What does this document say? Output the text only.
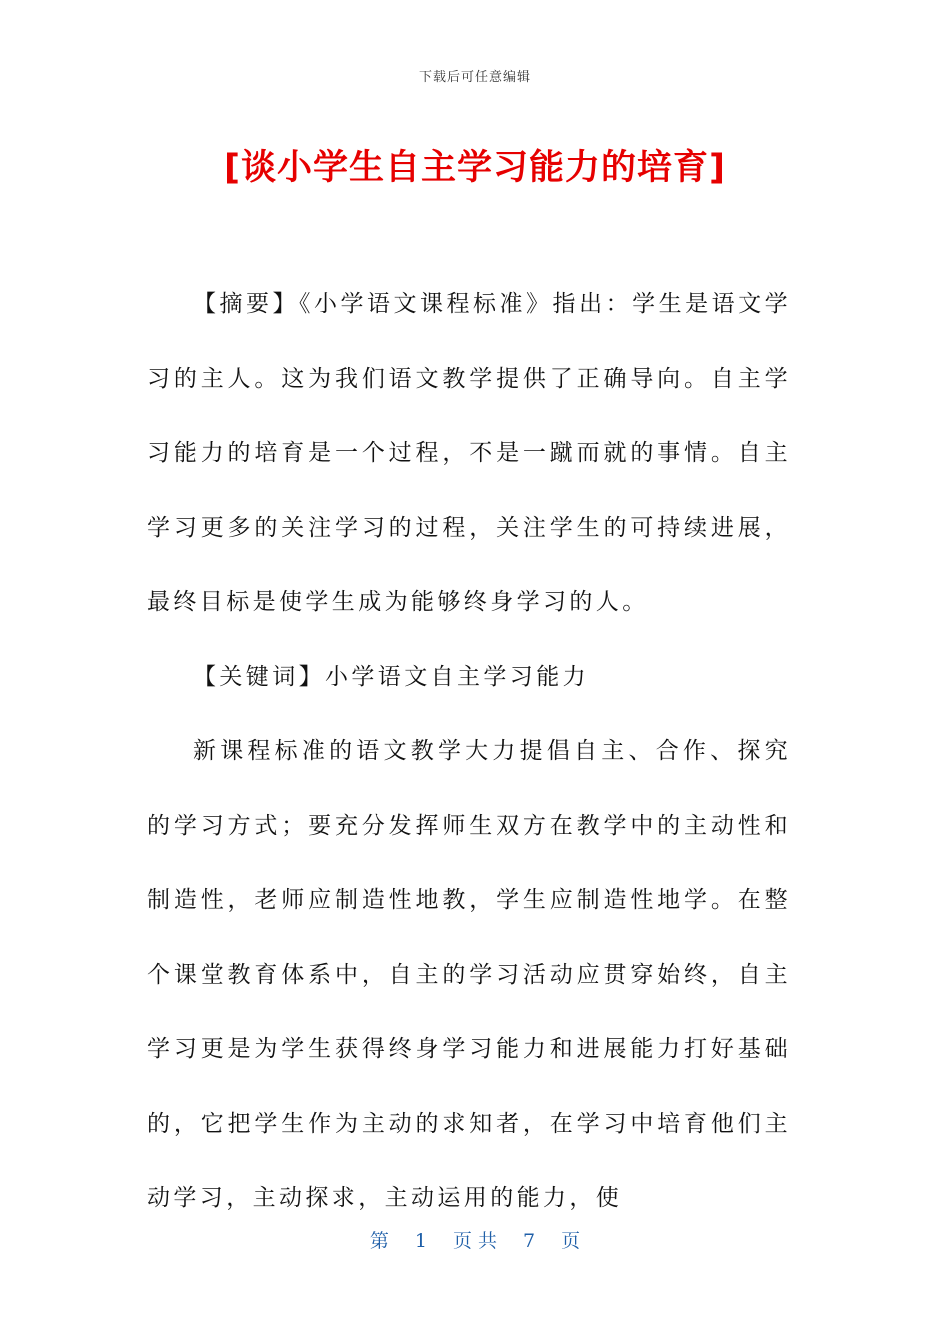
下载后可任意编辑
[谈小学生自主学习能力的培育]

【摘要】《小学语文课程标准》指出：学生是语文学习的主人。这为我们语文教学提供了正确导向。自主学习能力的培育是一个过程，不是一蹴而就的事情。自主学习更多的关注学习的过程，关注学生的可持续进展，最终目标是使学生成为能够终身学习的人。

【关键词】小学语文自主学习能力

新课程标准的语文教学大力提倡自主、合作、探究的学习方式；要充分发挥师生双方在教学中的主动性和制造性，老师应制造性地教，学生应制造性地学。在整个课堂教育体系中，自主的学习活动应贯穿始终，自主学习更是为学生获得终身学习能力和进展能力打好基础的，它把学生作为主动的求知者，在学习中培育他们主动学习，主动探求，主动运用的能力，使

第 1 页 共 7 页
